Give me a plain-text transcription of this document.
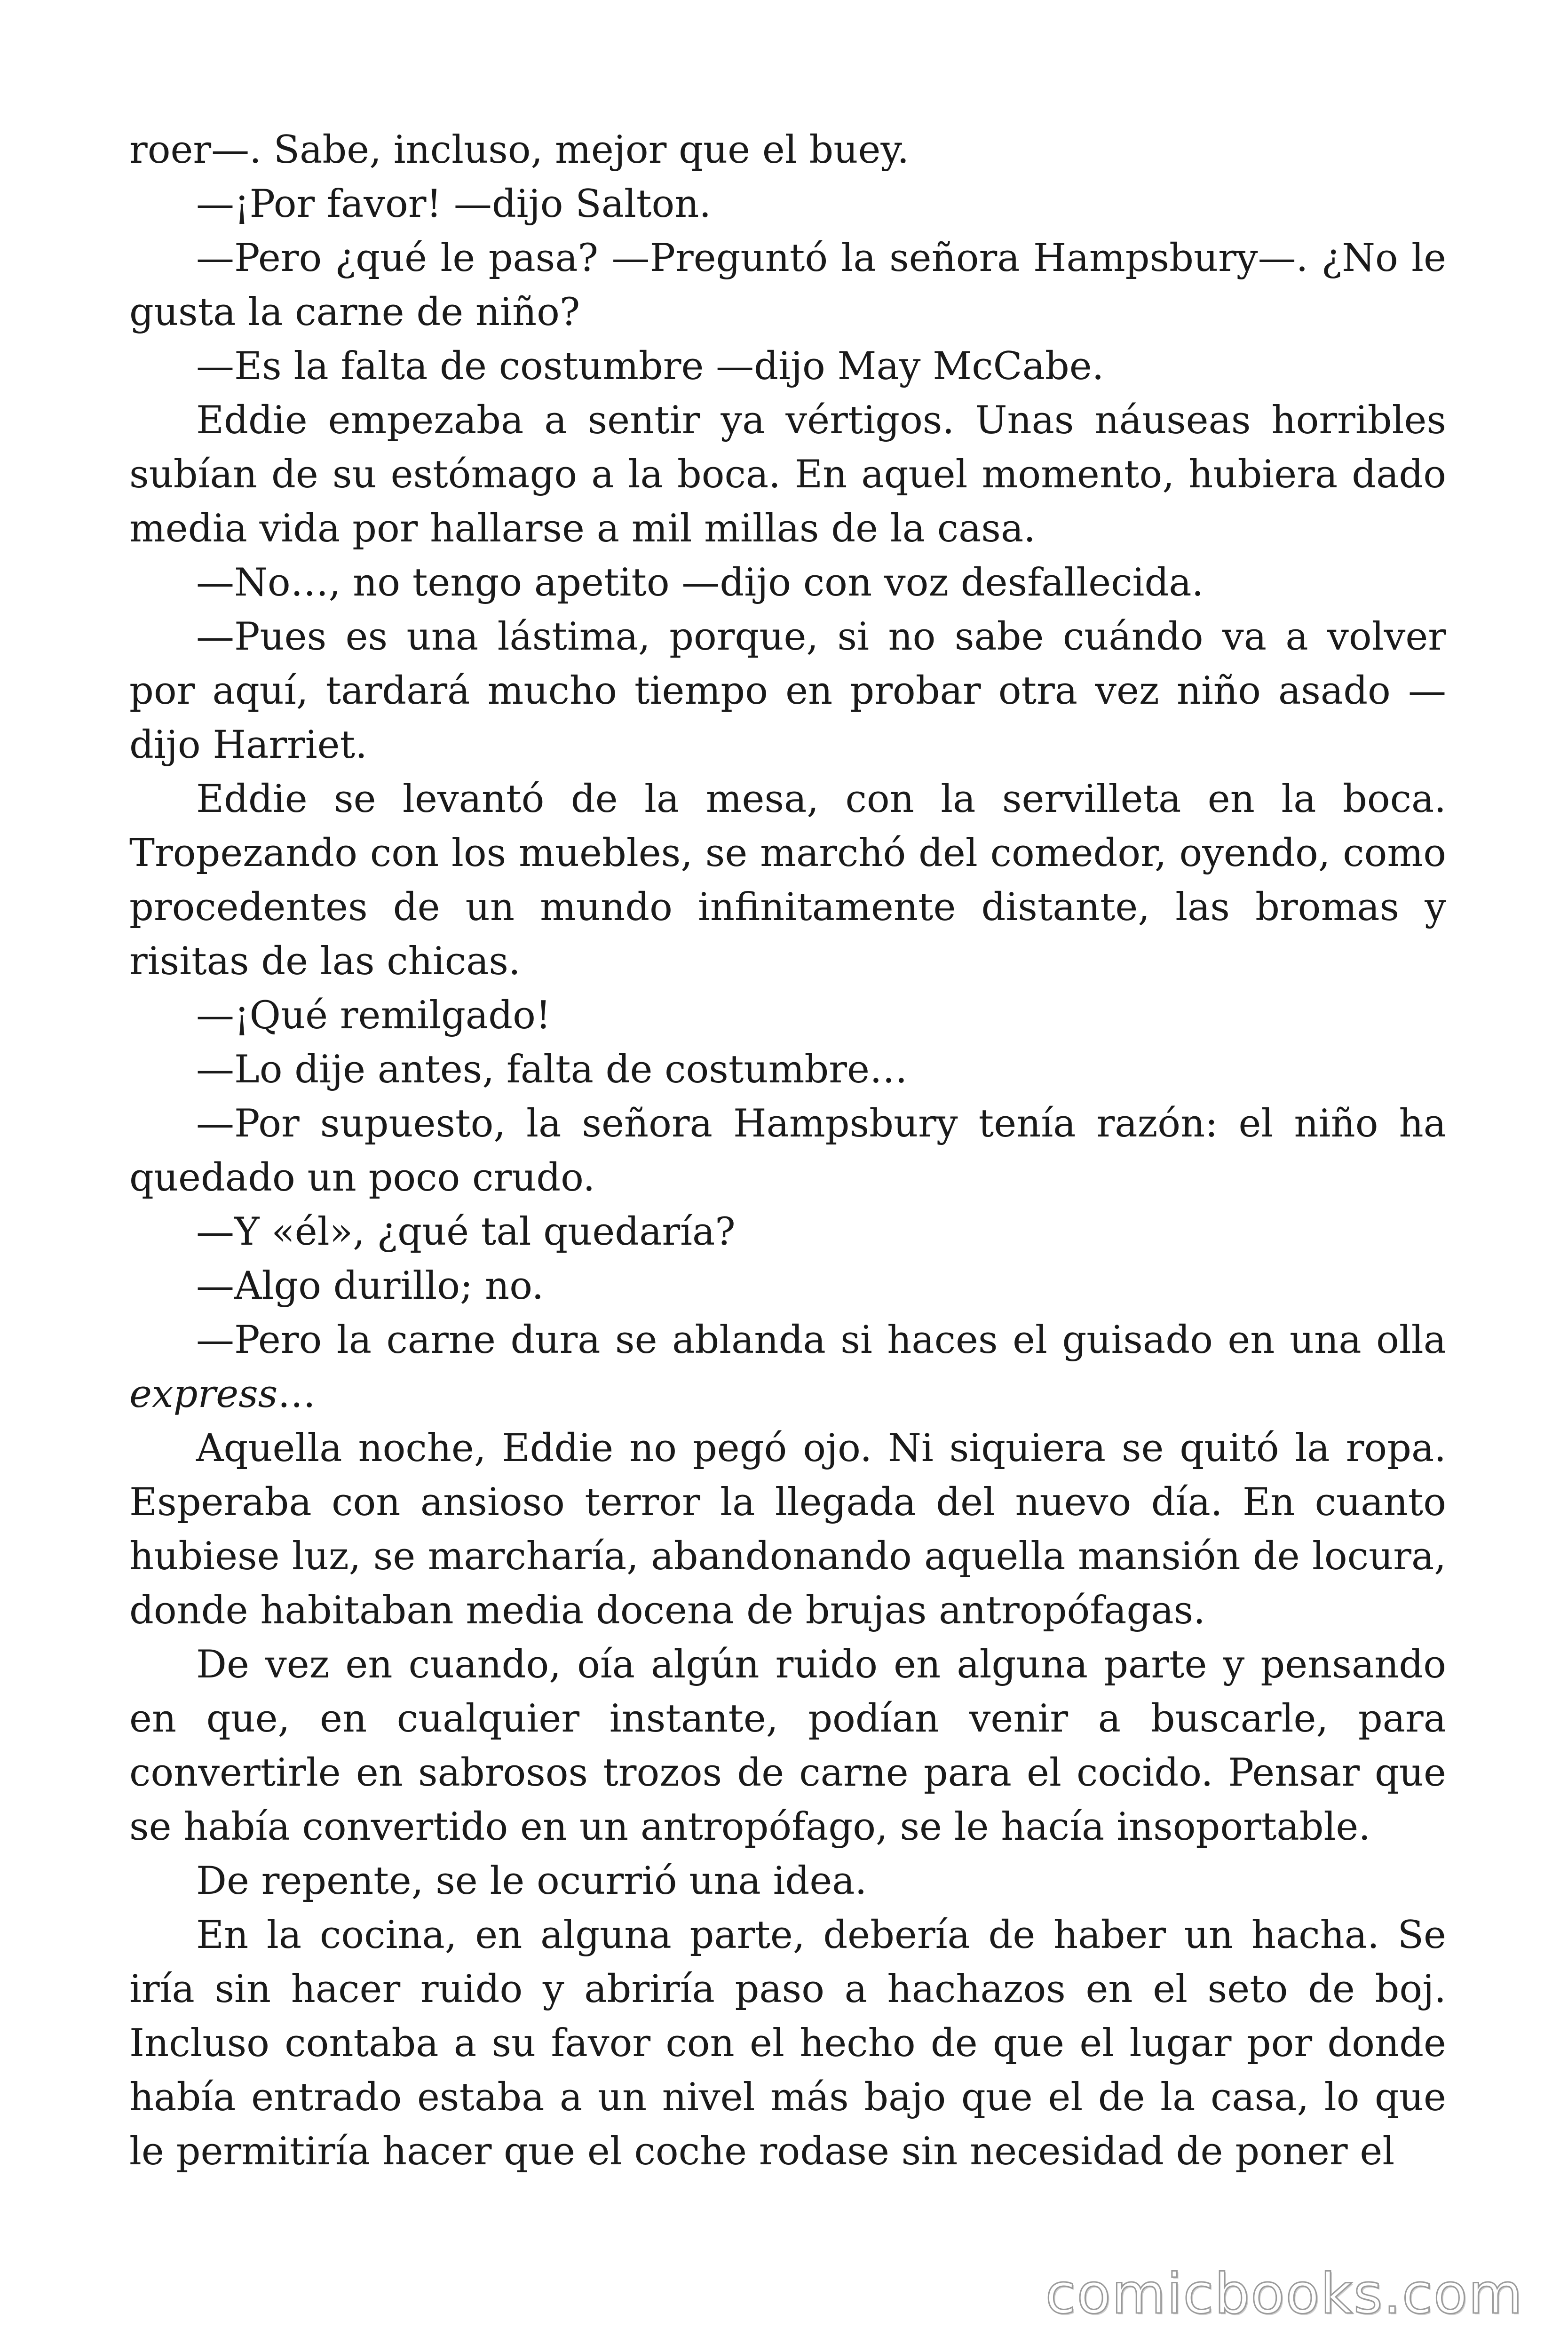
roer—. Sabe, incluso, mejor que el buey.

—¡Por favor! —dijo Salton.

—Pero ¿qué le pasa? —Preguntó la señora Hampsbury—. ¿No le gusta la carne de niño?

—Es la falta de costumbre —dijo May McCabe.

Eddie empezaba a sentir ya vértigos. Unas náuseas horribles subían de su estómago a la boca. En aquel momento, hubiera dado media vida por hallarse a mil millas de la casa.

—No…, no tengo apetito —dijo con voz desfallecida.

—Pues es una lástima, porque, si no sabe cuándo va a volver por aquí, tardará mucho tiempo en probar otra vez niño asado —dijo Harriet.

Eddie se levantó de la mesa, con la servilleta en la boca. Tropezando con los muebles, se marchó del comedor, oyendo, como procedentes de un mundo infinitamente distante, las bromas y risitas de las chicas.

—¡Qué remilgado!

—Lo dije antes, falta de costumbre…

—Por supuesto, la señora Hampsbury tenía razón: el niño ha quedado un poco crudo.

—Y «él», ¿qué tal quedaría?

—Algo durillo; no.

—Pero la carne dura se ablanda si haces el guisado en una olla express…

Aquella noche, Eddie no pegó ojo. Ni siquiera se quitó la ropa. Esperaba con ansioso terror la llegada del nuevo día. En cuanto hubiese luz, se marcharía, abandonando aquella mansión de locura, donde habitaban media docena de brujas antropófagas.

De vez en cuando, oía algún ruido en alguna parte y pensando en que, en cualquier instante, podían venir a buscarle, para convertirle en sabrosos trozos de carne para el cocido. Pensar que se había convertido en un antropófago, se le hacía insoportable.

De repente, se le ocurrió una idea.

En la cocina, en alguna parte, debería de haber un hacha. Se iría sin hacer ruido y abriría paso a hachazos en el seto de boj. Incluso contaba a su favor con el hecho de que el lugar por donde había entrado estaba a un nivel más bajo que el de la casa, lo que le permitiría hacer que el coche rodase sin necesidad de poner el

comicbooks.com
